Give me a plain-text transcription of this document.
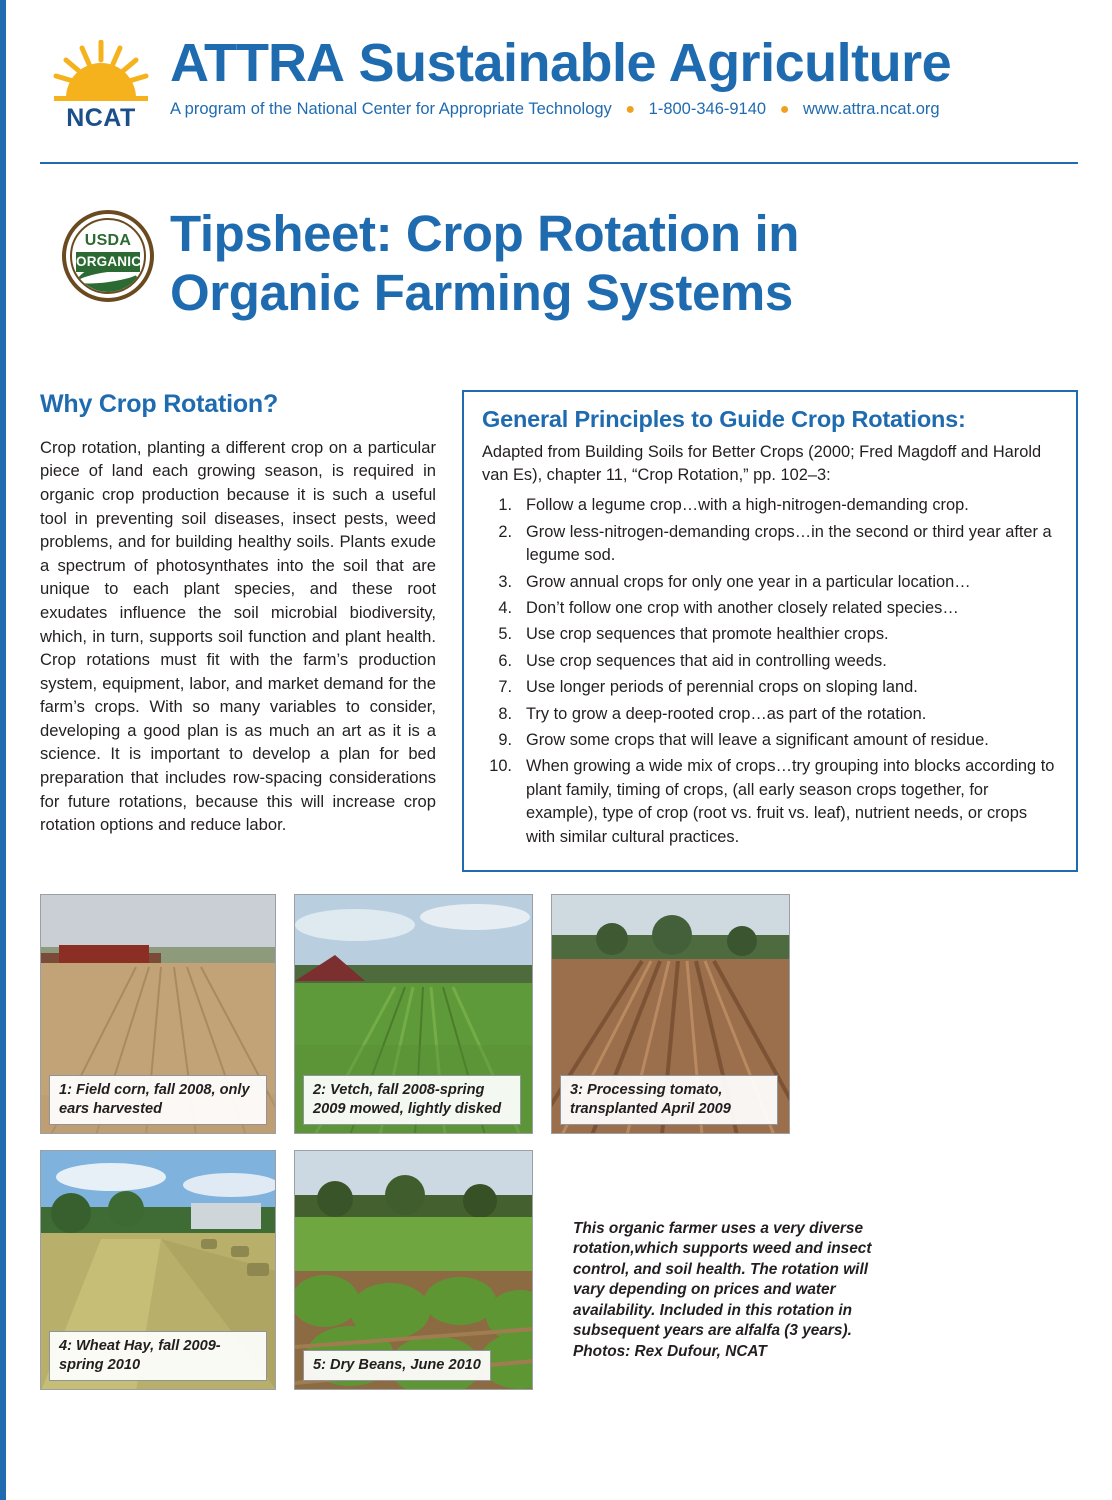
NCAT
ATTRA Sustainable Agriculture
A program of the National Center for Appropriate Technology ● 1-800-346-9140 ● www.attra.ncat.org
USDA
ORGANIC Tipsheet: Crop Rotation in
Organic Farming Systems
Why Crop Rotation?

Crop rotation, planting a different crop on a particular piece of land each growing season, is required in organic crop production because it is such a useful tool in preventing soil diseases, insect pests, weed problems, and for building healthy soils. Plants exude a spectrum of photosynthates into the soil that are unique to each plant species, and these root exudates influence the soil microbial biodiversity, which, in turn, supports soil function and plant health. Crop rotations must fit with the farm’s production system, equipment, labor, and market demand for the farm’s crops. With so many variables to consider, developing a good plan is as much an art as it is a science. It is important to develop a plan for bed preparation that includes row-spacing considerations for future rotations, because this will increase crop rotation options and reduce labor.

General Principles to Guide Crop Rotations:
Adapted from Building Soils for Better Crops (2000; Fred Magdoff and Harold van Es), chapter 11, “Crop Rotation,” pp. 102–3:
1. Follow a legume crop…with a high-nitrogen-demanding crop.
2. Grow less-nitrogen-demanding crops…in the second or third year after a legume sod.
3. Grow annual crops for only one year in a particular location…
4. Don’t follow one crop with another closely related species…
5. Use crop sequences that promote healthier crops.
6. Use crop sequences that aid in controlling weeds.
7. Use longer periods of perennial crops on sloping land.
8. Try to grow a deep-rooted crop…as part of the rotation.
9. Grow some crops that will leave a significant amount of residue.
10. When growing a wide mix of crops…try grouping into blocks according to plant family, timing of crops, (all early season crops together, for example), type of crop (root vs. fruit vs. leaf), nutrient needs, or crops with similar cultural practices.
1: Field corn, fall 2008, only ears harvested
2: Vetch, fall 2008-spring 2009 mowed, lightly disked
3: Processing tomato, transplanted April 2009
4: Wheat Hay, fall 2009-spring 2010	5: Dry Beans, June 2010
This organic farmer uses a very diverse rotation,which supports weed and insect control, and soil health. The rotation will vary depending on prices and water availability. Included in this rotation in subsequent years are alfalfa (3 years). Photos: Rex Dufour, NCAT
